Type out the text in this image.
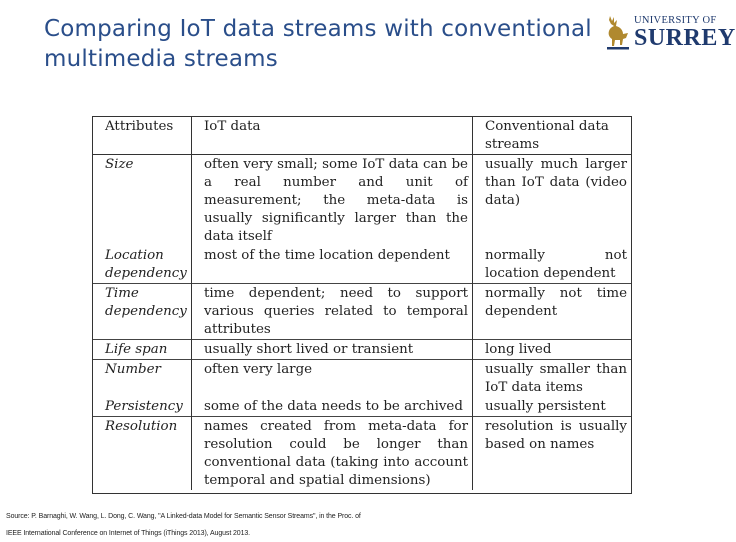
Comparing IoT data streams with conventional
multimedia streams
UNIVERSITY OF
SURREY
Attributes	IoT data	Conventional data streams
Size	often very small; some IoT data can be a real number and unit of measurement; the meta-data is usually significantly larger than the data itself	usually much larger than IoT data (video data)
Location dependency	most of the time location dependent	normally not location dependent
Time dependency	time dependent; need to support various queries related to temporal attributes	normally not time dependent
Life span	usually short lived or transient	long lived
Number	often very large	usually smaller than IoT data items
Persistency	some of the data needs to be archived	usually persistent
Resolution	names created from meta-data for resolution could be longer than conventional data (taking into account temporal and spatial dimensions)	resolution is usually based on names
Source: P. Barnaghi, W. Wang, L. Dong, C. Wang, "A Linked-data Model for Semantic Sensor Streams", in the Proc. of
IEEE International Conference on Internet of Things (iThings 2013), August 2013.
